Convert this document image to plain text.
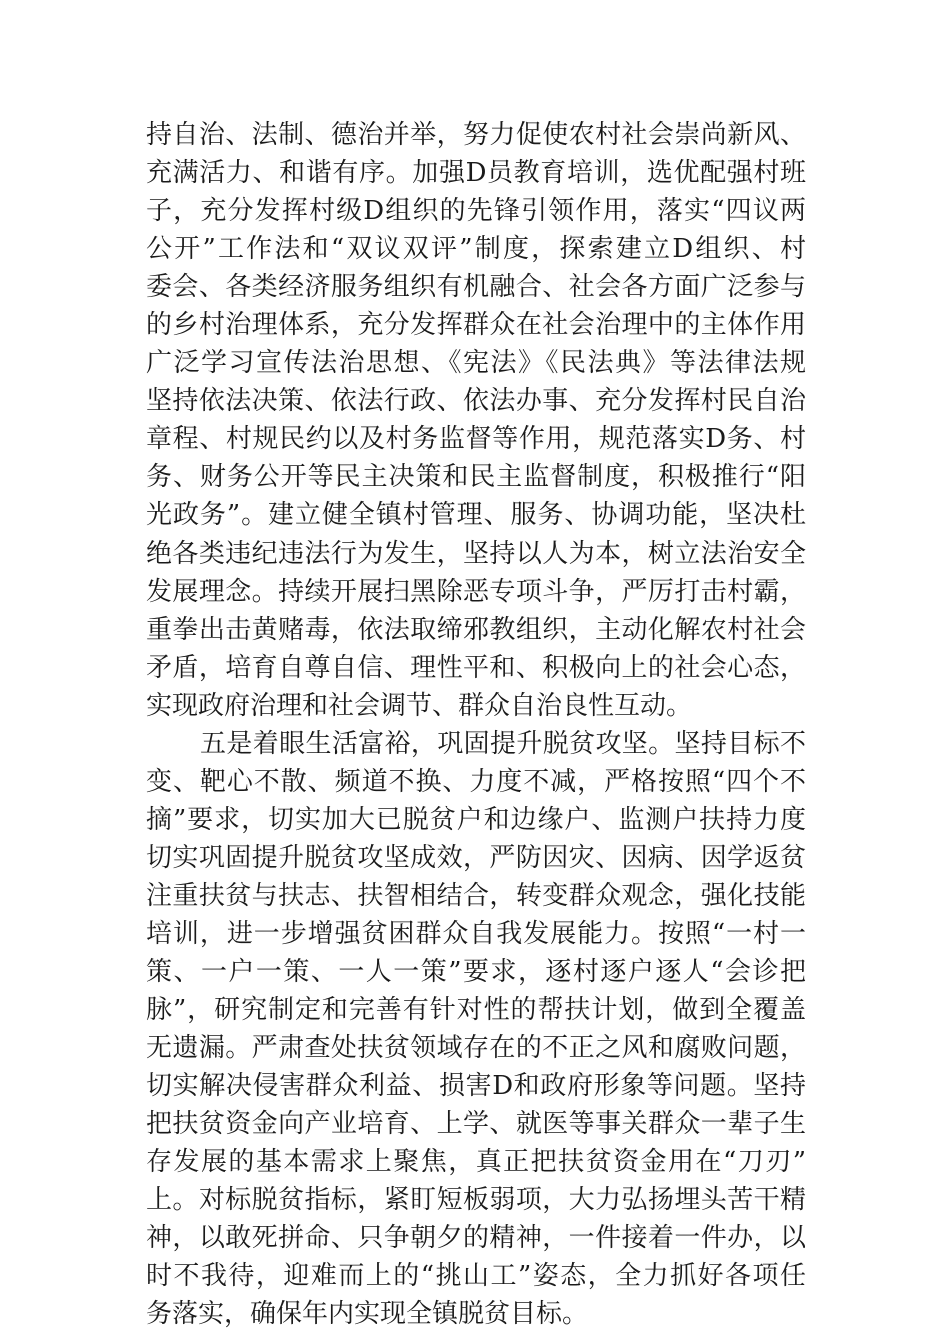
持自治、法制、德治并举，努力促使农村社会崇尚新风、
充满活力、和谐有序。加强D员教育培训，选优配强村班
子，充分发挥村级D组织的先锋引领作用，落实“四议两
公开”工作法和“双议双评”制度，探索建立D组织、村
委会、各类经济服务组织有机融合、社会各方面广泛参与
的乡村治理体系，充分发挥群众在社会治理中的主体作用
广泛学习宣传法治思想、《宪法》《民法典》等法律法规
坚持依法决策、依法行政、依法办事、充分发挥村民自治
章程、村规民约以及村务监督等作用，规范落实D务、村
务、财务公开等民主决策和民主监督制度，积极推行“阳
光政务”。建立健全镇村管理、服务、协调功能，坚决杜
绝各类违纪违法行为发生，坚持以人为本，树立法治安全
发展理念。持续开展扫黑除恶专项斗争，严厉打击村霸，
重拳出击黄赌毒，依法取缔邪教组织，主动化解农村社会
矛盾，培育自尊自信、理性平和、积极向上的社会心态，
实现政府治理和社会调节、群众自治良性互动。
五是着眼生活富裕，巩固提升脱贫攻坚。坚持目标不
变、靶心不散、频道不换、力度不减，严格按照“四个不
摘”要求，切实加大已脱贫户和边缘户、监测户扶持力度
切实巩固提升脱贫攻坚成效，严防因灾、因病、因学返贫
注重扶贫与扶志、扶智相结合，转变群众观念，强化技能
培训，进一步增强贫困群众自我发展能力。按照“一村一
策、一户一策、一人一策”要求，逐村逐户逐人“会诊把
脉”，研究制定和完善有针对性的帮扶计划，做到全覆盖
无遗漏。严肃查处扶贫领域存在的不正之风和腐败问题，
切实解决侵害群众利益、损害D和政府形象等问题。坚持
把扶贫资金向产业培育、上学、就医等事关群众一辈子生
存发展的基本需求上聚焦，真正把扶贫资金用在“刀刃”
上。对标脱贫指标，紧盯短板弱项，大力弘扬埋头苦干精
神，以敢死拼命、只争朝夕的精神，一件接着一件办，以
时不我待，迎难而上的“挑山工”姿态，全力抓好各项任
务落实，确保年内实现全镇脱贫目标。
